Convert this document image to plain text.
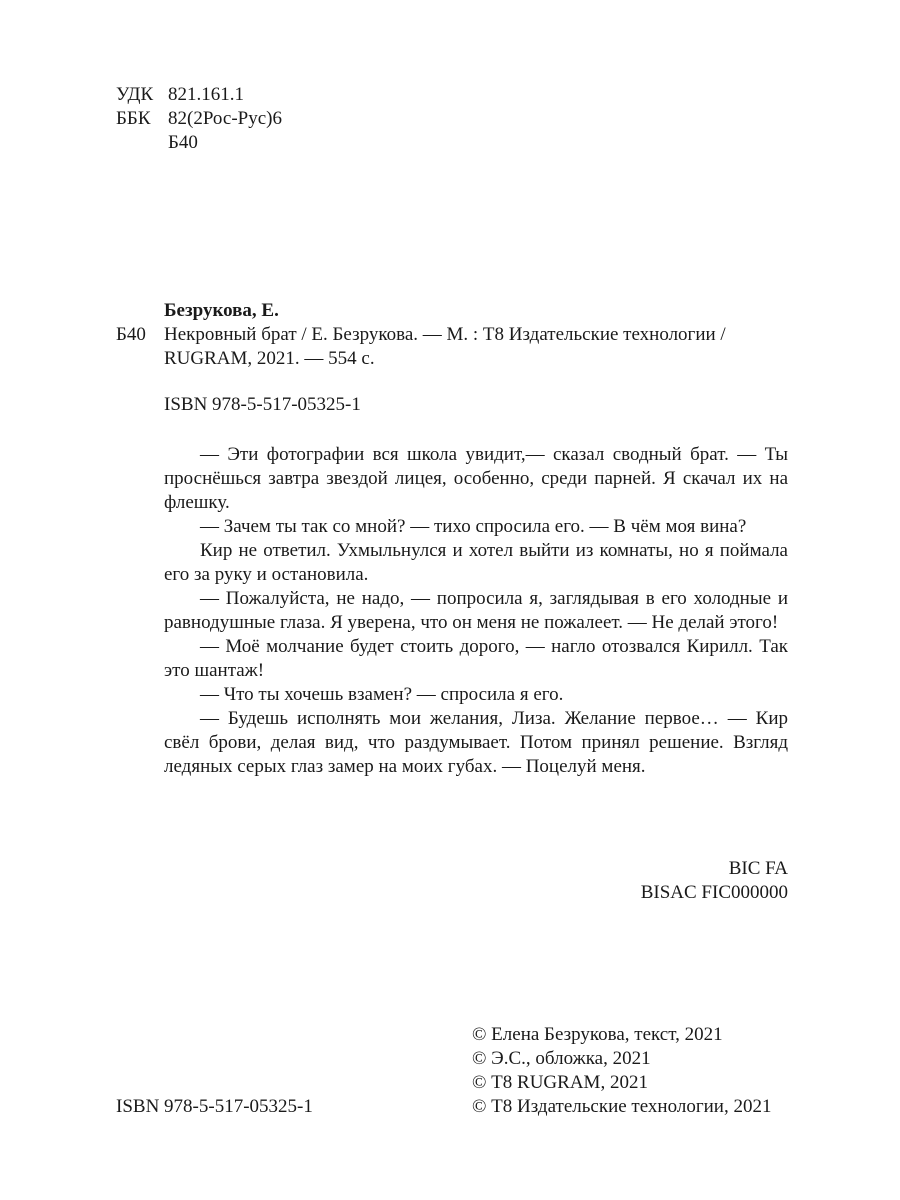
УДК 821.161.1
ББК 82(2Рос-Рус)6
Б40
Б40

Безрукова, Е.

Некровный брат / Е. Безрукова. — М. : Т8 Издательские технологии /

RUGRAM, 2021. — 554 с.

ISBN 978-5-517-05325-1

— Эти фотографии вся школа увидит,— сказал сводный брат. — Ты проснёшься завтра звездой лицея, особенно, среди парней. Я скачал их на флешку.

— Зачем ты так со мной? — тихо спросила его. — В чём моя вина?

Кир не ответил. Ухмыльнулся и хотел выйти из комнаты, но я поймала его за руку и остановила.

— Пожалуйста, не надо, — попросила я, заглядывая в его холодные и равнодушные глаза. Я уверена, что он меня не пожалеет. — Не делай этого!

— Моё молчание будет стоить дорого, — нагло отозвался Кирилл. Так это шантаж!

— Что ты хочешь взамен? — спросила я его.

— Будешь исполнять мои желания, Лиза. Желание первое… — Кир свёл брови, делая вид, что раздумывает. Потом принял решение. Взгляд ледяных серых глаз замер на моих губах. — Поцелуй меня.

BIC FA
BISAC FIC000000
© Елена Безрукова, текст, 2021
© Э.С., обложка, 2021
© Т8 RUGRAM, 2021
© Т8 Издательские технологии, 2021
ISBN 978-5-517-05325-1
